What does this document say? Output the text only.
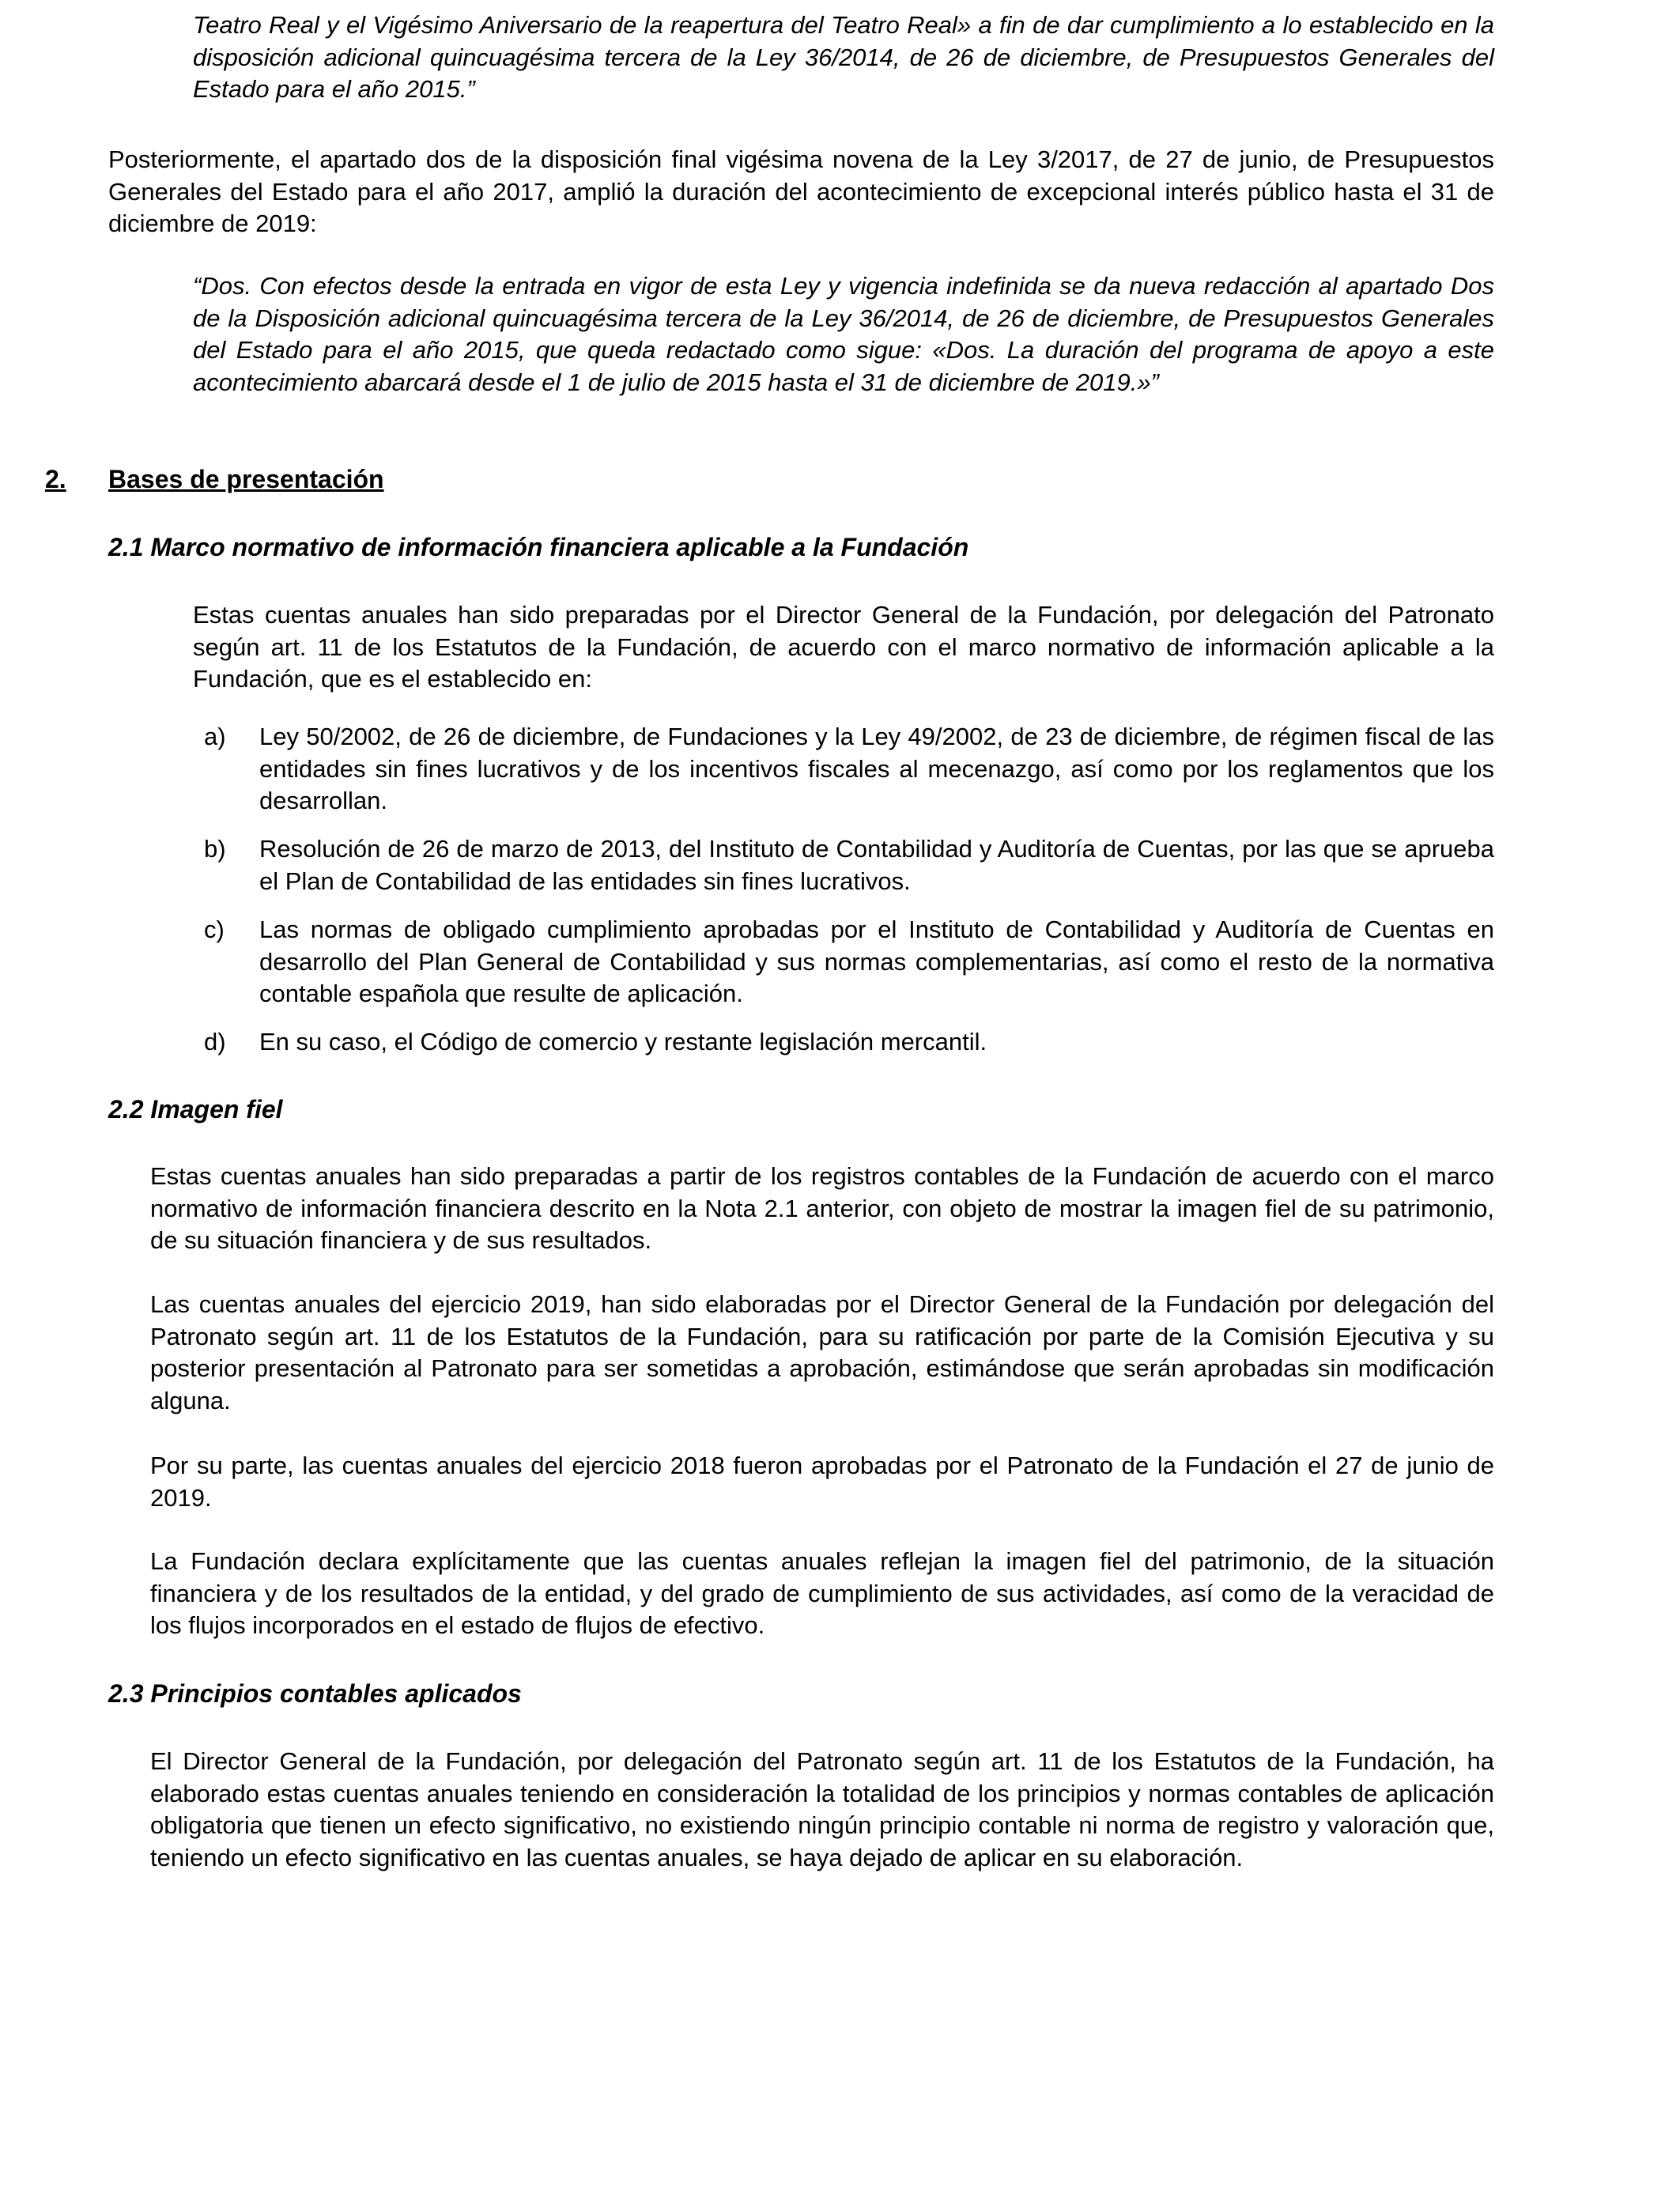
Teatro Real y el Vigésimo Aniversario de la reapertura del Teatro Real» a fin de dar cumplimiento a lo establecido en la disposición adicional quincuagésima tercera de la Ley 36/2014, de 26 de diciembre, de Presupuestos Generales del Estado para el año 2015.”

Posteriormente, el apartado dos de la disposición final vigésima novena de la Ley 3/2017, de 27 de junio, de Presupuestos Generales del Estado para el año 2017, amplió la duración del acontecimiento de excepcional interés público hasta el 31 de diciembre de 2019:

“Dos. Con efectos desde la entrada en vigor de esta Ley y vigencia indefinida se da nueva redacción al apartado Dos de la Disposición adicional quincuagésima tercera de la Ley 36/2014, de 26 de diciembre, de Presupuestos Generales del Estado para el año 2015, que queda redactado como sigue: «Dos. La duración del programa de apoyo a este acontecimiento abarcará desde el 1 de julio de 2015 hasta el 31 de diciembre de 2019.»”

2. Bases de presentación
2.1 Marco normativo de información financiera aplicable a la Fundación

Estas cuentas anuales han sido preparadas por el Director General de la Fundación, por delegación del Patronato según art. 11 de los Estatutos de la Fundación, de acuerdo con el marco normativo de información aplicable a la Fundación, que es el establecido en:

a) Ley 50/2002, de 26 de diciembre, de Fundaciones y la Ley 49/2002, de 23 de diciembre, de régimen fiscal de las entidades sin fines lucrativos y de los incentivos fiscales al mecenazgo, así como por los reglamentos que los desarrollan.

b) Resolución de 26 de marzo de 2013, del Instituto de Contabilidad y Auditoría de Cuentas, por las que se aprueba el Plan de Contabilidad de las entidades sin fines lucrativos.

c) Las normas de obligado cumplimiento aprobadas por el Instituto de Contabilidad y Auditoría de Cuentas en desarrollo del Plan General de Contabilidad y sus normas complementarias, así como el resto de la normativa contable española que resulte de aplicación.

d) En su caso, el Código de comercio y restante legislación mercantil.

2.2 Imagen fiel

Estas cuentas anuales han sido preparadas a partir de los registros contables de la Fundación de acuerdo con el marco normativo de información financiera descrito en la Nota 2.1 anterior, con objeto de mostrar la imagen fiel de su patrimonio, de su situación financiera y de sus resultados.

Las cuentas anuales del ejercicio 2019, han sido elaboradas por el Director General de la Fundación por delegación del Patronato según art. 11 de los Estatutos de la Fundación, para su ratificación por parte de la Comisión Ejecutiva y su posterior presentación al Patronato para ser sometidas a aprobación, estimándose que serán aprobadas sin modificación alguna.

Por su parte, las cuentas anuales del ejercicio 2018 fueron aprobadas por el Patronato de la Fundación el 27 de junio de 2019.

La Fundación declara explícitamente que las cuentas anuales reflejan la imagen fiel del patrimonio, de la situación financiera y de los resultados de la entidad, y del grado de cumplimiento de sus actividades, así como de la veracidad de los flujos incorporados en el estado de flujos de efectivo.

2.3 Principios contables aplicados

El Director General de la Fundación, por delegación del Patronato según art. 11 de los Estatutos de la Fundación, ha elaborado estas cuentas anuales teniendo en consideración la totalidad de los principios y normas contables de aplicación obligatoria que tienen un efecto significativo, no existiendo ningún principio contable ni norma de registro y valoración que, teniendo un efecto significativo en las cuentas anuales, se haya dejado de aplicar en su elaboración.
